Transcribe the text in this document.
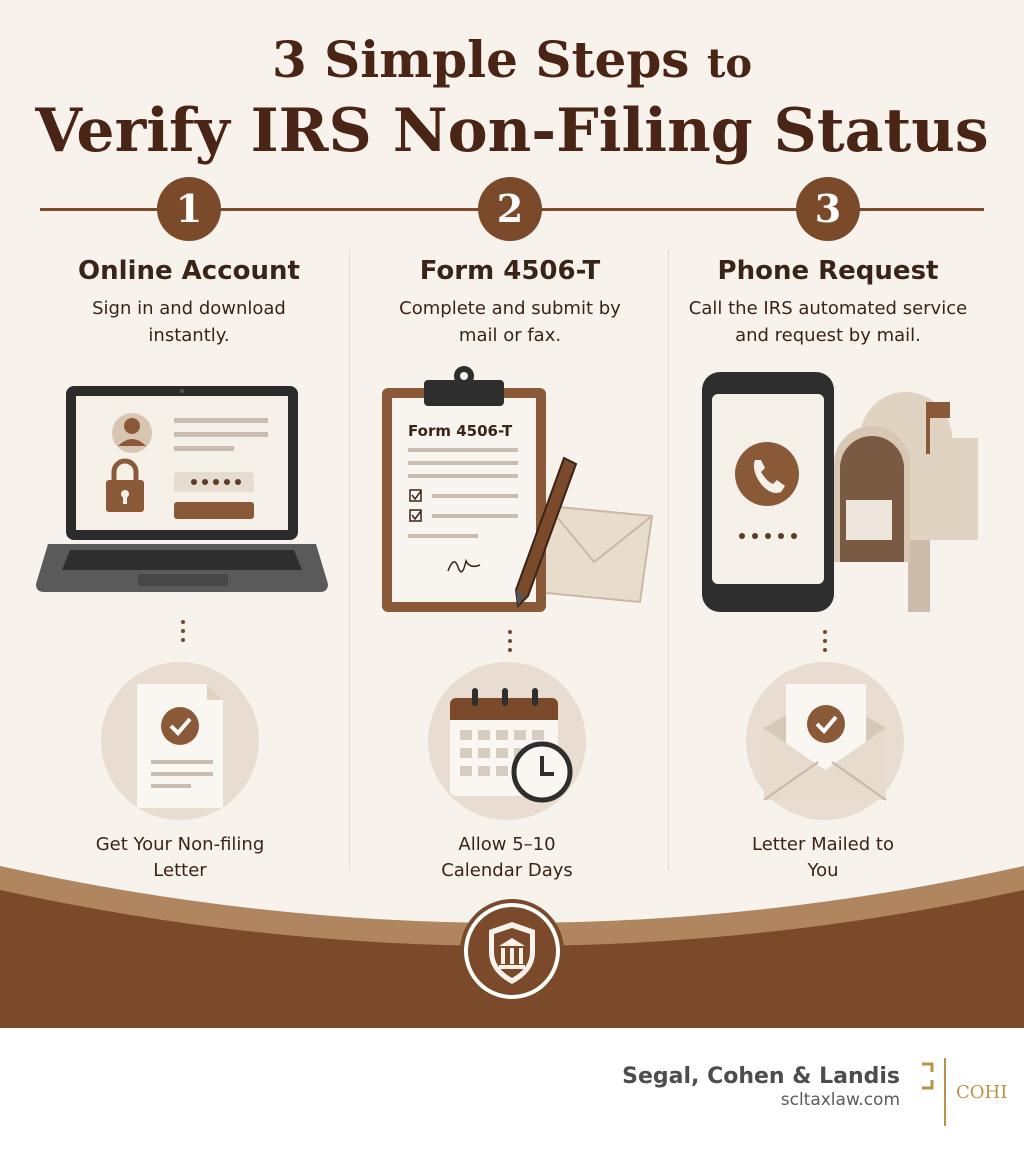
3 Simple Steps to
Verify IRS Non-Filing Status
1	2	3
Online Account	Form 4506-T	Phone Request
Sign in and download instantly.
Complete and submit by mail or fax.
Call the IRS automated service and request by mail.
Form 4506-T
Get Your Non-filing Letter
Allow 5–10 Calendar Days
Letter Mailed to You
Segal, Cohen & Landis
scltaxlaw.com	COHI
